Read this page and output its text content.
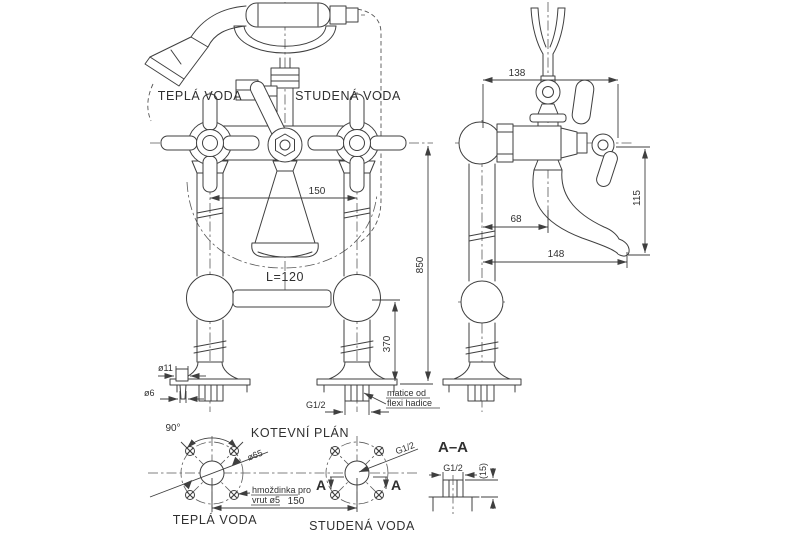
150
L=120
850
370
ø11
ø6
G1/2
matice od
flexi hadice
TEPLÁ VODA	STUDENÁ VODA
138
115
68
148
KOTEVNÍ PLÁN
90°
ø65
hmoždinka pro
vrut ø5
G1/2
A	A
150
TEPLÁ VODA	STUDENÁ VODA
A–A
G1/2 (15)
